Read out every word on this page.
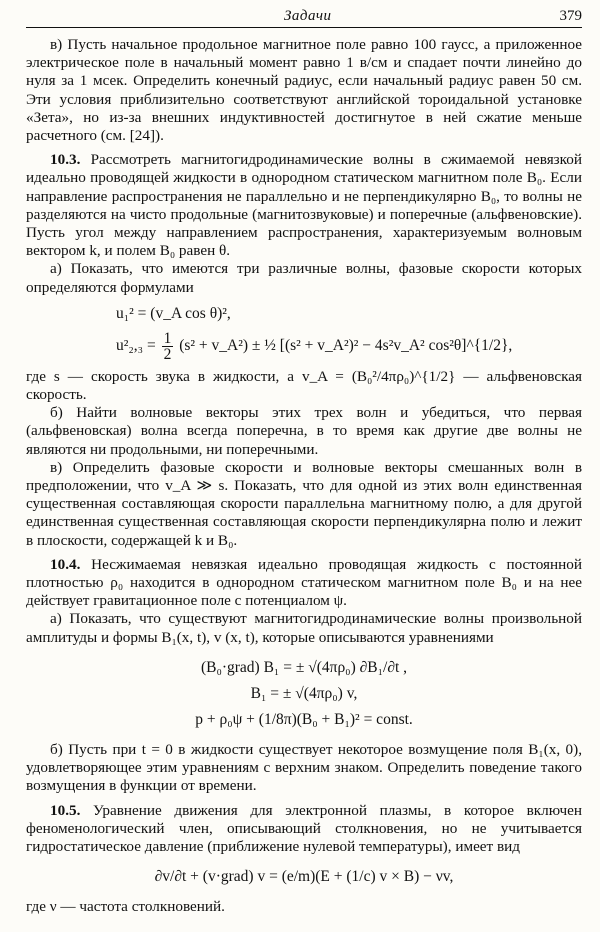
Задачи	379

в) Пусть начальное продольное магнитное поле равно 100 гаусс, а приложенное электрическое поле в начальный момент равно 1 в/см и спадает почти линейно до нуля за 1 мсек. Определить конечный радиус, если начальный радиус равен 50 см. Эти условия приблизительно соответствуют английской тороидальной установке «Зета», но из-за внешних индуктивностей достигнутое в ней сжатие меньше расчетного (см. [24]).

10.3. Рассмотреть магнитогидродинамические волны в сжимаемой невязкой идеально проводящей жидкости в однородном статическом магнитном поле B₀. Если направление распространения не параллельно и не перпендикулярно B₀, то волны не разделяются на чисто продольные (магнитозвуковые) и поперечные (альфвеновские). Пусть угол между направлением распространения, характеризуемым волновым вектором k, и полем B₀ равен θ.

а) Показать, что имеются три различные волны, фазовые скорости которых определяются формулами

u₁² = (v_A cos θ)²,
$u^2_2,_3 = \frac{1}{2} (s^2$ + v_A²) ± ½ [(s² + v_A²)² − 4s²v_A² cos²θ]^{1/2},

где s — скорость звука в жидкости, а v_A = (B₀²/4πρ₀)^{1/2} — альфвеновская скорость.

б) Найти волновые векторы этих трех волн и убедиться, что первая (альфвеновская) волна всегда поперечна, в то время как другие две волны не являются ни продольными, ни поперечными.

в) Определить фазовые скорости и волновые векторы смешанных волн в предположении, что v_A ≫ s. Показать, что для одной из этих волн единственная существенная составляющая скорости параллельна магнитному полю, а для другой единственная существенная составляющая скорости перпендикулярна полю и лежит в плоскости, содержащей k и B₀.

10.4. Несжимаемая невязкая идеально проводящая жидкость с постоянной плотностью ρ₀ находится в однородном статическом магнитном поле B₀ и на нее действует гравитационное поле с потенциалом ψ.

а) Показать, что существуют магнитогидродинамические волны произвольной амплитуды и формы B₁(x, t), v (x, t), которые описываются уравнениями

(B₀·grad) B₁ = ± √(4πρ₀) ∂B₁/∂t ,
B₁ = ± √(4πρ₀) v,
p + ρ₀ψ + (1/8π)(B₀ + B₁)² = const.

б) Пусть при t = 0 в жидкости существует некоторое возмущение поля B₁(x, 0), удовлетворяющее этим уравнениям с верхним знаком. Определить поведение такого возмущения в функции от времени.

10.5. Уравнение движения для электронной плазмы, в которое включен феноменологический член, описывающий столкновения, но не учитывается гидростатическое давление (приближение нулевой температуры), имеет вид

∂v/∂t + (v·grad) v = (e/m)(E + (1/c) v × B) − νv,

где ν — частота столкновений.
